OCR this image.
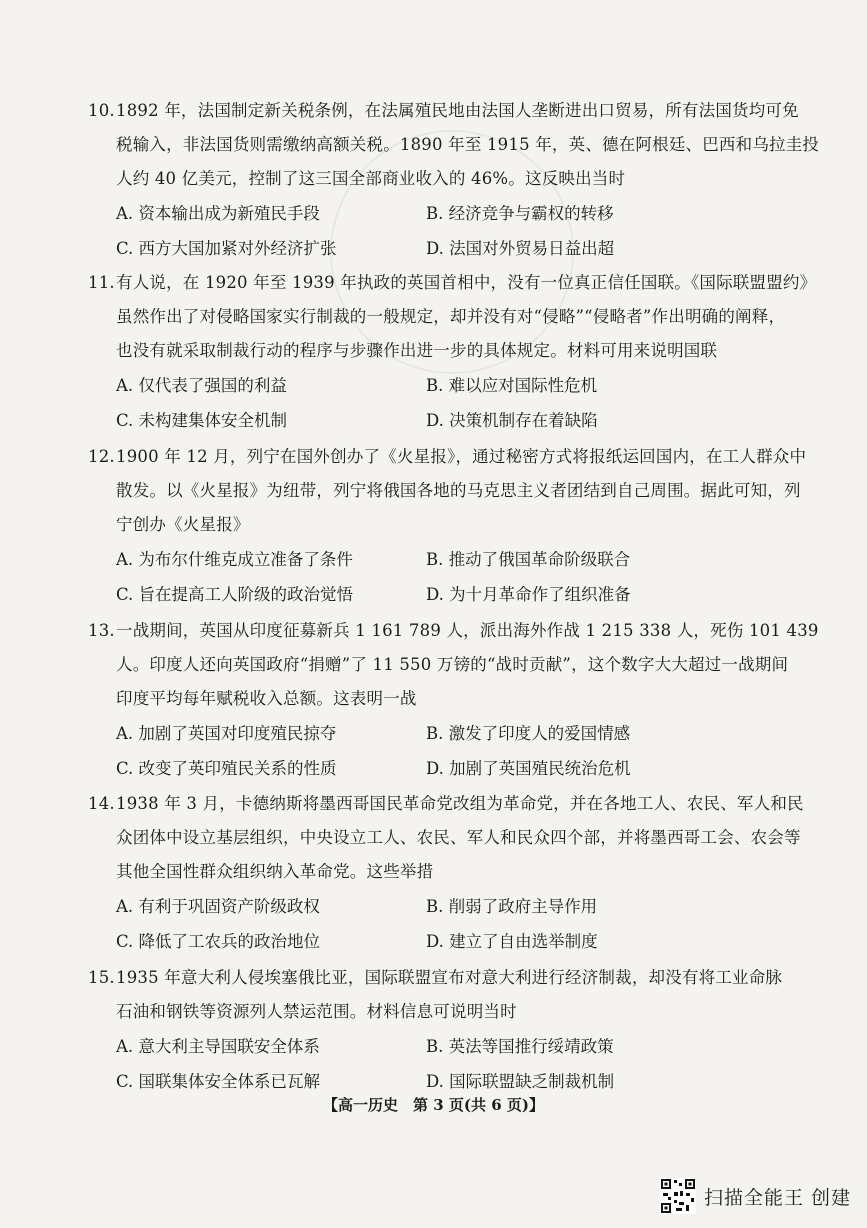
10.1892 年，法国制定新关税条例，在法属殖民地由法国人垄断进出口贸易，所有法国货均可免
税输入，非法国货则需缴纳高额关税。1890 年至 1915 年，英、德在阿根廷、巴西和乌拉圭投
人约 40 亿美元，控制了这三国全部商业收入的 46%。这反映出当时
A. 资本输出成为新殖民手段	B. 经济竞争与霸权的转移
C. 西方大国加紧对外经济扩张	D. 法国对外贸易日益出超
11.有人说，在 1920 年至 1939 年执政的英国首相中，没有一位真正信任国联。《国际联盟盟约》
虽然作出了对侵略国家实行制裁的一般规定，却并没有对“侵略”“侵略者”作出明确的阐释，
也没有就采取制裁行动的程序与步骤作出进一步的具体规定。材料可用来说明国联
A. 仅代表了强国的利益	B. 难以应对国际性危机
C. 未构建集体安全机制	D. 决策机制存在着缺陷
12.1900 年 12 月，列宁在国外创办了《火星报》，通过秘密方式将报纸运回国内，在工人群众中
散发。以《火星报》为纽带，列宁将俄国各地的马克思主义者团结到自己周围。据此可知，列
宁创办《火星报》
A. 为布尔什维克成立准备了条件	B. 推动了俄国革命阶级联合
C. 旨在提高工人阶级的政治觉悟	D. 为十月革命作了组织准备
13.一战期间，英国从印度征募新兵 1 161 789 人，派出海外作战 1 215 338 人，死伤 101 439
人。印度人还向英国政府“捐赠”了 11 550 万镑的“战时贡献”，这个数字大大超过一战期间
印度平均每年赋税收入总额。这表明一战
A. 加剧了英国对印度殖民掠夺	B. 激发了印度人的爱国情感
C. 改变了英印殖民关系的性质	D. 加剧了英国殖民统治危机
14.1938 年 3 月，卡德纳斯将墨西哥国民革命党改组为革命党，并在各地工人、农民、军人和民
众团体中设立基层组织，中央设立工人、农民、军人和民众四个部，并将墨西哥工会、农会等
其他全国性群众组织纳入革命党。这些举措
A. 有利于巩固资产阶级政权	B. 削弱了政府主导作用
C. 降低了工农兵的政治地位	D. 建立了自由选举制度
15.1935 年意大利人侵埃塞俄比亚，国际联盟宣布对意大利进行经济制裁，却没有将工业命脉
石油和钢铁等资源列人禁运范围。材料信息可说明当时
A. 意大利主导国联安全体系	B. 英法等国推行绥靖政策
C. 国联集体安全体系已瓦解	D. 国际联盟缺乏制裁机制
【高一历史　第 3 页(共 6 页)】
扫描全能王 创建
